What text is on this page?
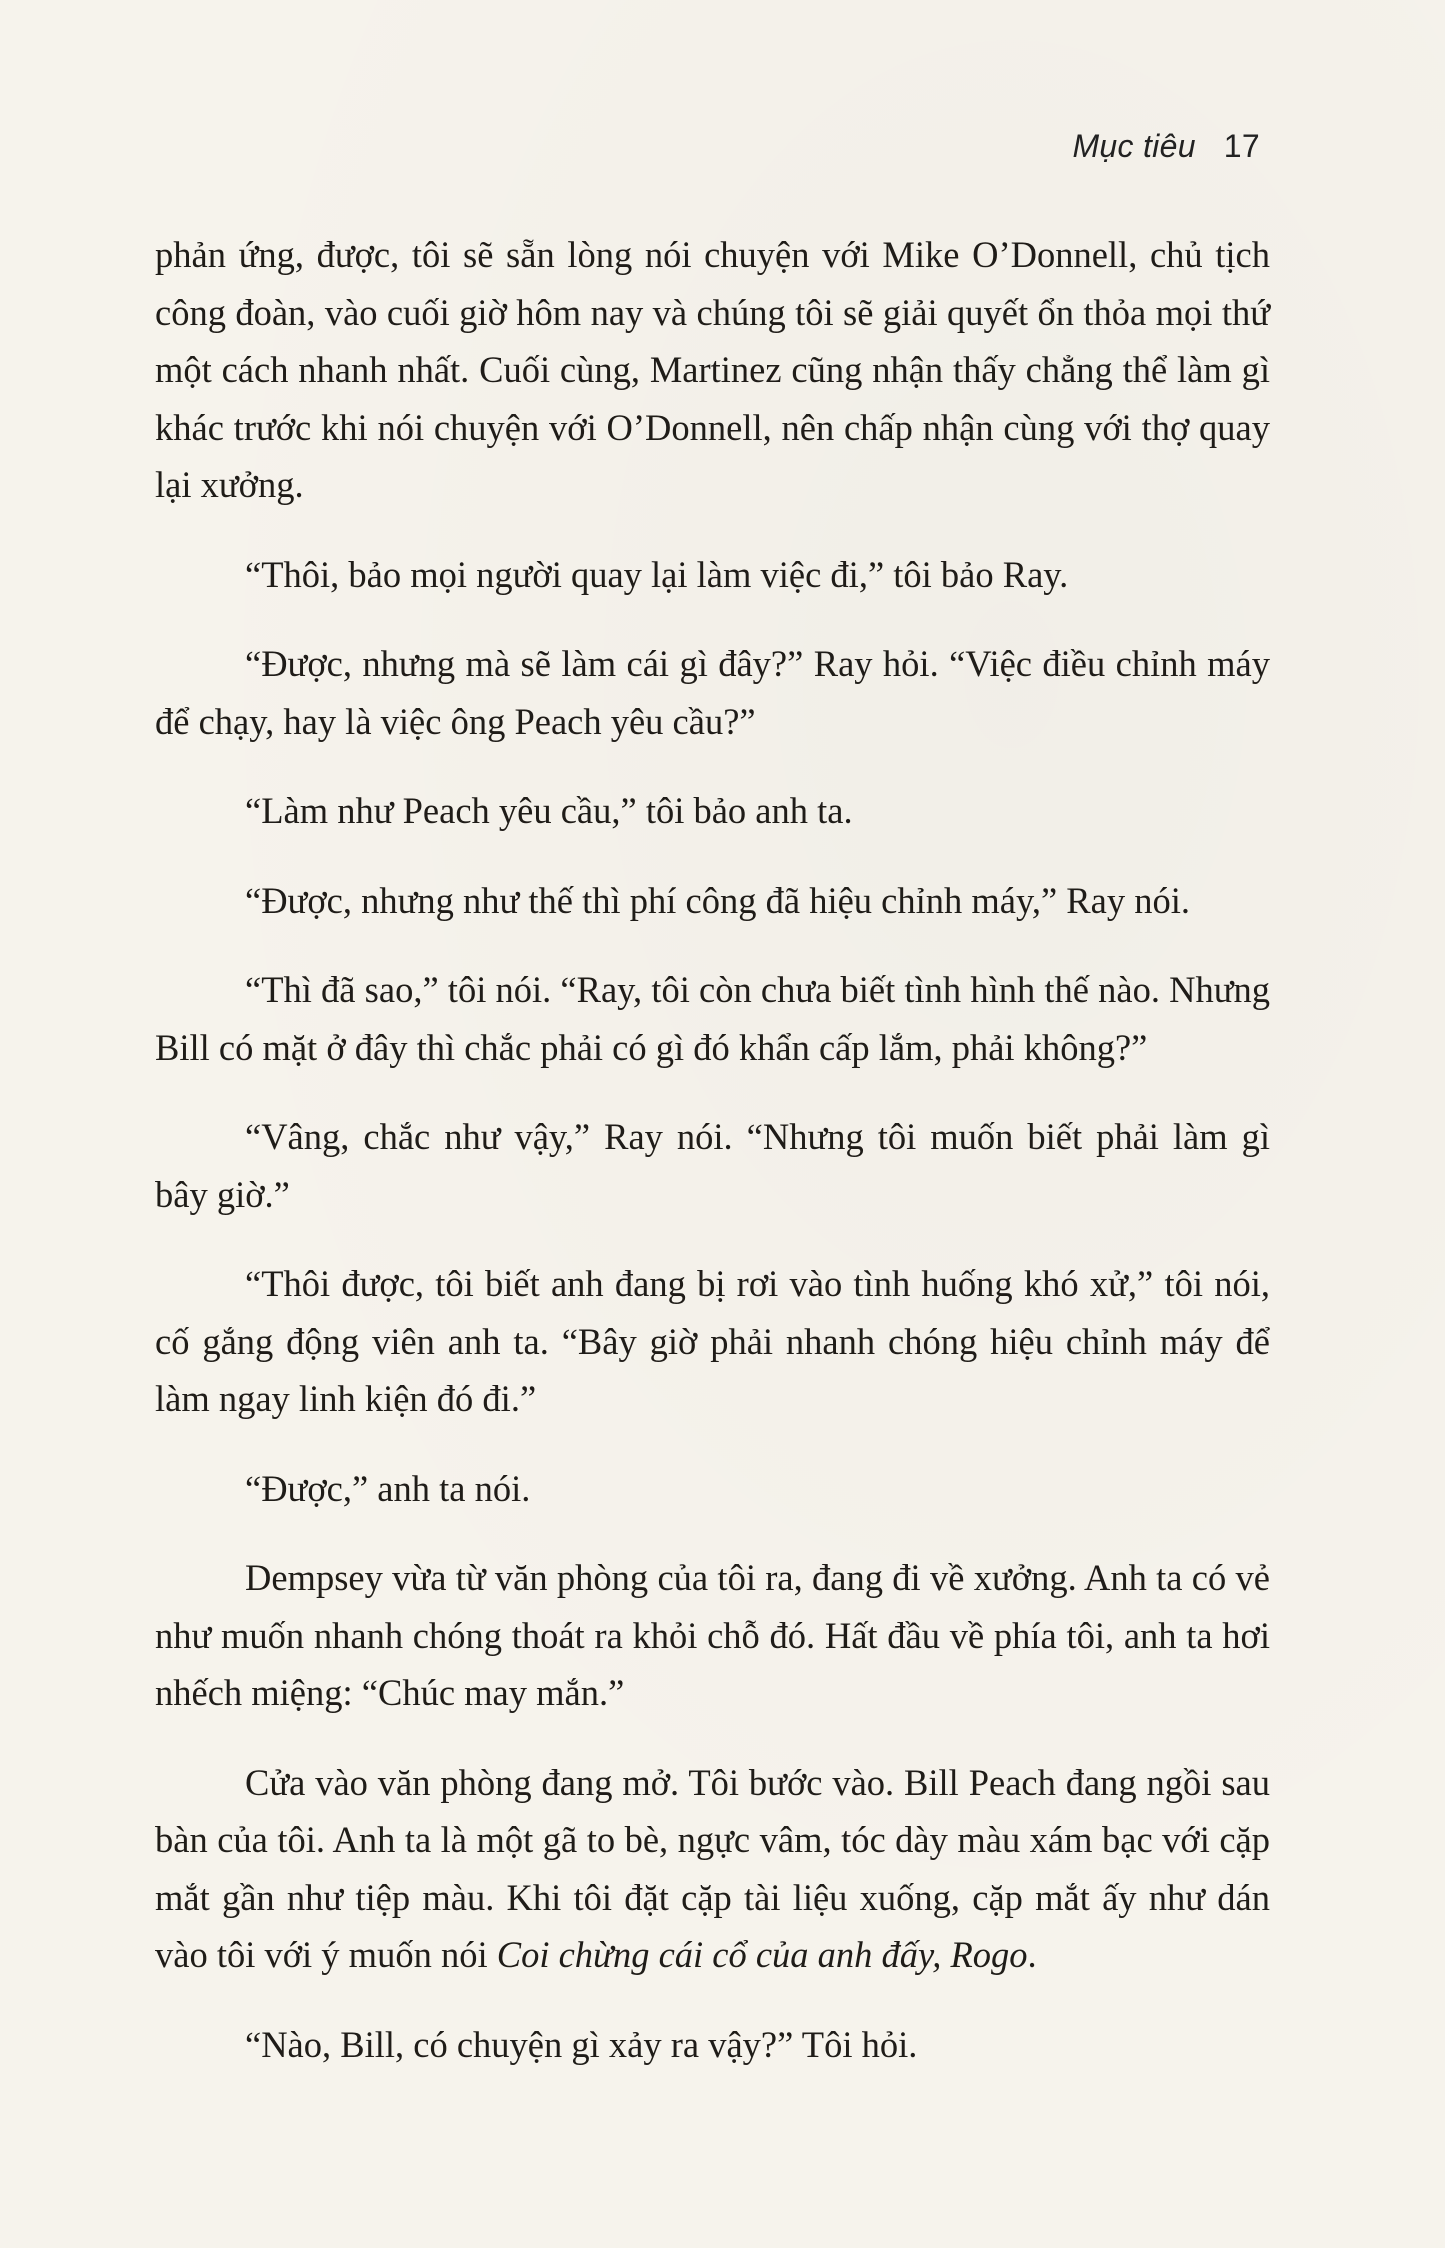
Mục tiêu 17

phản ứng, được, tôi sẽ sẵn lòng nói chuyện với Mike O’Donnell, chủ tịch công đoàn, vào cuối giờ hôm nay và chúng tôi sẽ giải quyết ổn thỏa mọi thứ một cách nhanh nhất. Cuối cùng, Martinez cũng nhận thấy chẳng thể làm gì khác trước khi nói chuyện với O’Donnell, nên chấp nhận cùng với thợ quay lại xưởng.

“Thôi, bảo mọi người quay lại làm việc đi,” tôi bảo Ray.

“Được, nhưng mà sẽ làm cái gì đây?” Ray hỏi. “Việc điều chỉnh máy để chạy, hay là việc ông Peach yêu cầu?”

“Làm như Peach yêu cầu,” tôi bảo anh ta.

“Được, nhưng như thế thì phí công đã hiệu chỉnh máy,” Ray nói.

“Thì đã sao,” tôi nói. “Ray, tôi còn chưa biết tình hình thế nào. Nhưng Bill có mặt ở đây thì chắc phải có gì đó khẩn cấp lắm, phải không?”

“Vâng, chắc như vậy,” Ray nói. “Nhưng tôi muốn biết phải làm gì bây giờ.”

“Thôi được, tôi biết anh đang bị rơi vào tình huống khó xử,” tôi nói, cố gắng động viên anh ta. “Bây giờ phải nhanh chóng hiệu chỉnh máy để làm ngay linh kiện đó đi.”

“Được,” anh ta nói.

Dempsey vừa từ văn phòng của tôi ra, đang đi về xưởng. Anh ta có vẻ như muốn nhanh chóng thoát ra khỏi chỗ đó. Hất đầu về phía tôi, anh ta hơi nhếch miệng: “Chúc may mắn.”

Cửa vào văn phòng đang mở. Tôi bước vào. Bill Peach đang ngồi sau bàn của tôi. Anh ta là một gã to bè, ngực vâm, tóc dày màu xám bạc với cặp mắt gần như tiệp màu. Khi tôi đặt cặp tài liệu xuống, cặp mắt ấy như dán vào tôi với ý muốn nói Coi chừng cái cổ của anh đấy, Rogo.

“Nào, Bill, có chuyện gì xảy ra vậy?” Tôi hỏi.
